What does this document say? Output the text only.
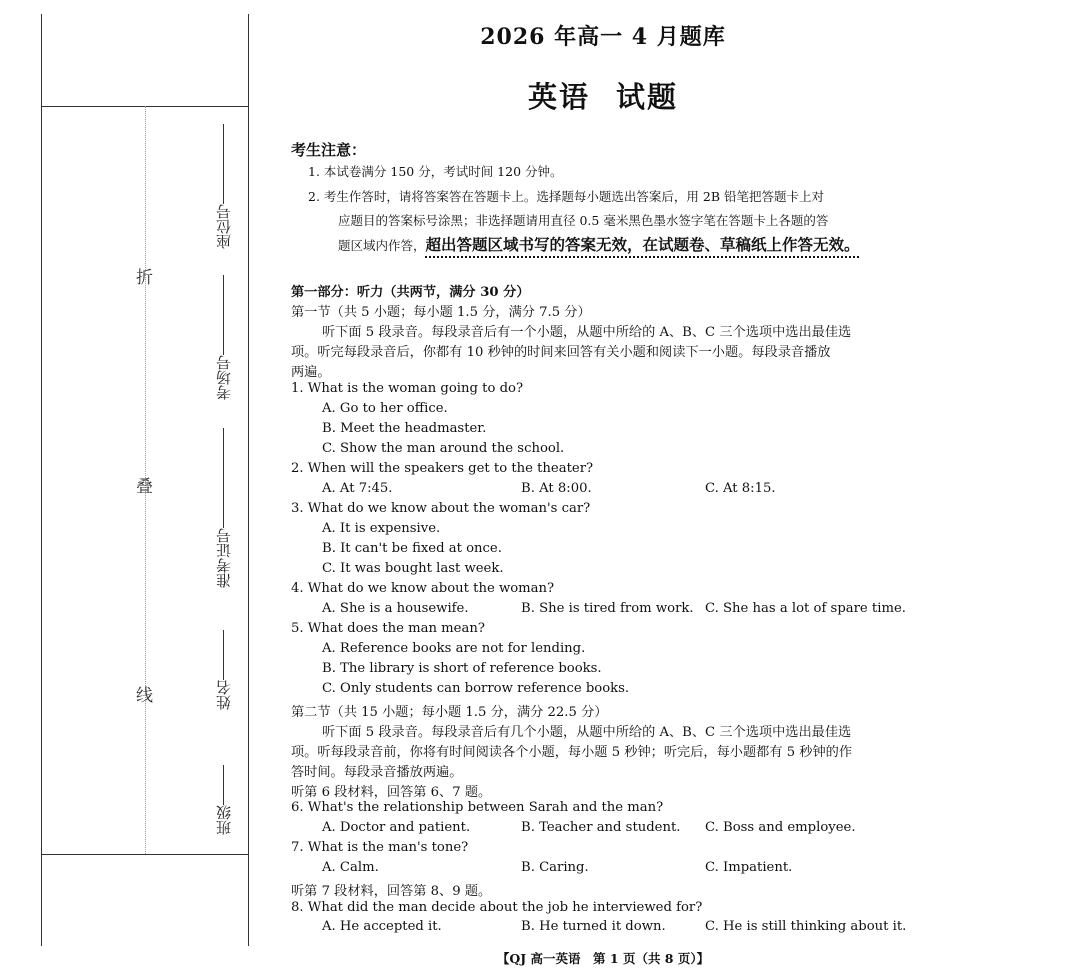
折
叠
线
座位号
考场号
准考证号
姓名
班级
2026 年高一 4 月题库
英语 试题
考生注意：
1. 本试卷满分 150 分，考试时间 120 分钟。
2. 考生作答时，请将答案答在答题卡上。选择题每小题选出答案后，用 2B 铅笔把答题卡上对
应题目的答案标号涂黑；非选择题请用直径 0.5 毫米黑色墨水签字笔在答题卡上各题的答
题区域内作答，超出答题区域书写的答案无效，在试题卷、草稿纸上作答无效。
第一部分：听力（共两节，满分 30 分）
第一节（共 5 小题；每小题 1.5 分，满分 7.5 分）
听下面 5 段录音。每段录音后有一个小题，从题中所给的 A、B、C 三个选项中选出最佳选
项。听完每段录音后，你都有 10 秒钟的时间来回答有关小题和阅读下一小题。每段录音播放
两遍。
1. What is the woman going to do?
A. Go to her office.
B. Meet the headmaster.
C. Show the man around the school.
2. When will the speakers get to the theater?
A. At 7:45.	B. At 8:00.	C. At 8:15.
3. What do we know about the woman's car?
A. It is expensive.
B. It can't be fixed at once.
C. It was bought last week.
4. What do we know about the woman?
A. She is a housewife.	B. She is tired from work. C. She has a lot of spare time.
5. What does the man mean?
A. Reference books are not for lending.
B. The library is short of reference books.
C. Only students can borrow reference books.
第二节（共 15 小题；每小题 1.5 分，满分 22.5 分）
听下面 5 段录音。每段录音后有几个小题，从题中所给的 A、B、C 三个选项中选出最佳选
项。听每段录音前，你将有时间阅读各个小题，每小题 5 秒钟；听完后，每小题都有 5 秒钟的作
答时间。每段录音播放两遍。
听第 6 段材料，回答第 6、7 题。
6. What's the relationship between Sarah and the man?
A. Doctor and patient.	B. Teacher and student. C. Boss and employee.
7. What is the man's tone?
A. Calm.	B. Caring.	C. Impatient.
听第 7 段材料，回答第 8、9 题。
8. What did the man decide about the job he interviewed for?
A. He accepted it.	B. He turned it down.	C. He is still thinking about it.
【QJ 高一英语　第 1 页（共 8 页）】
